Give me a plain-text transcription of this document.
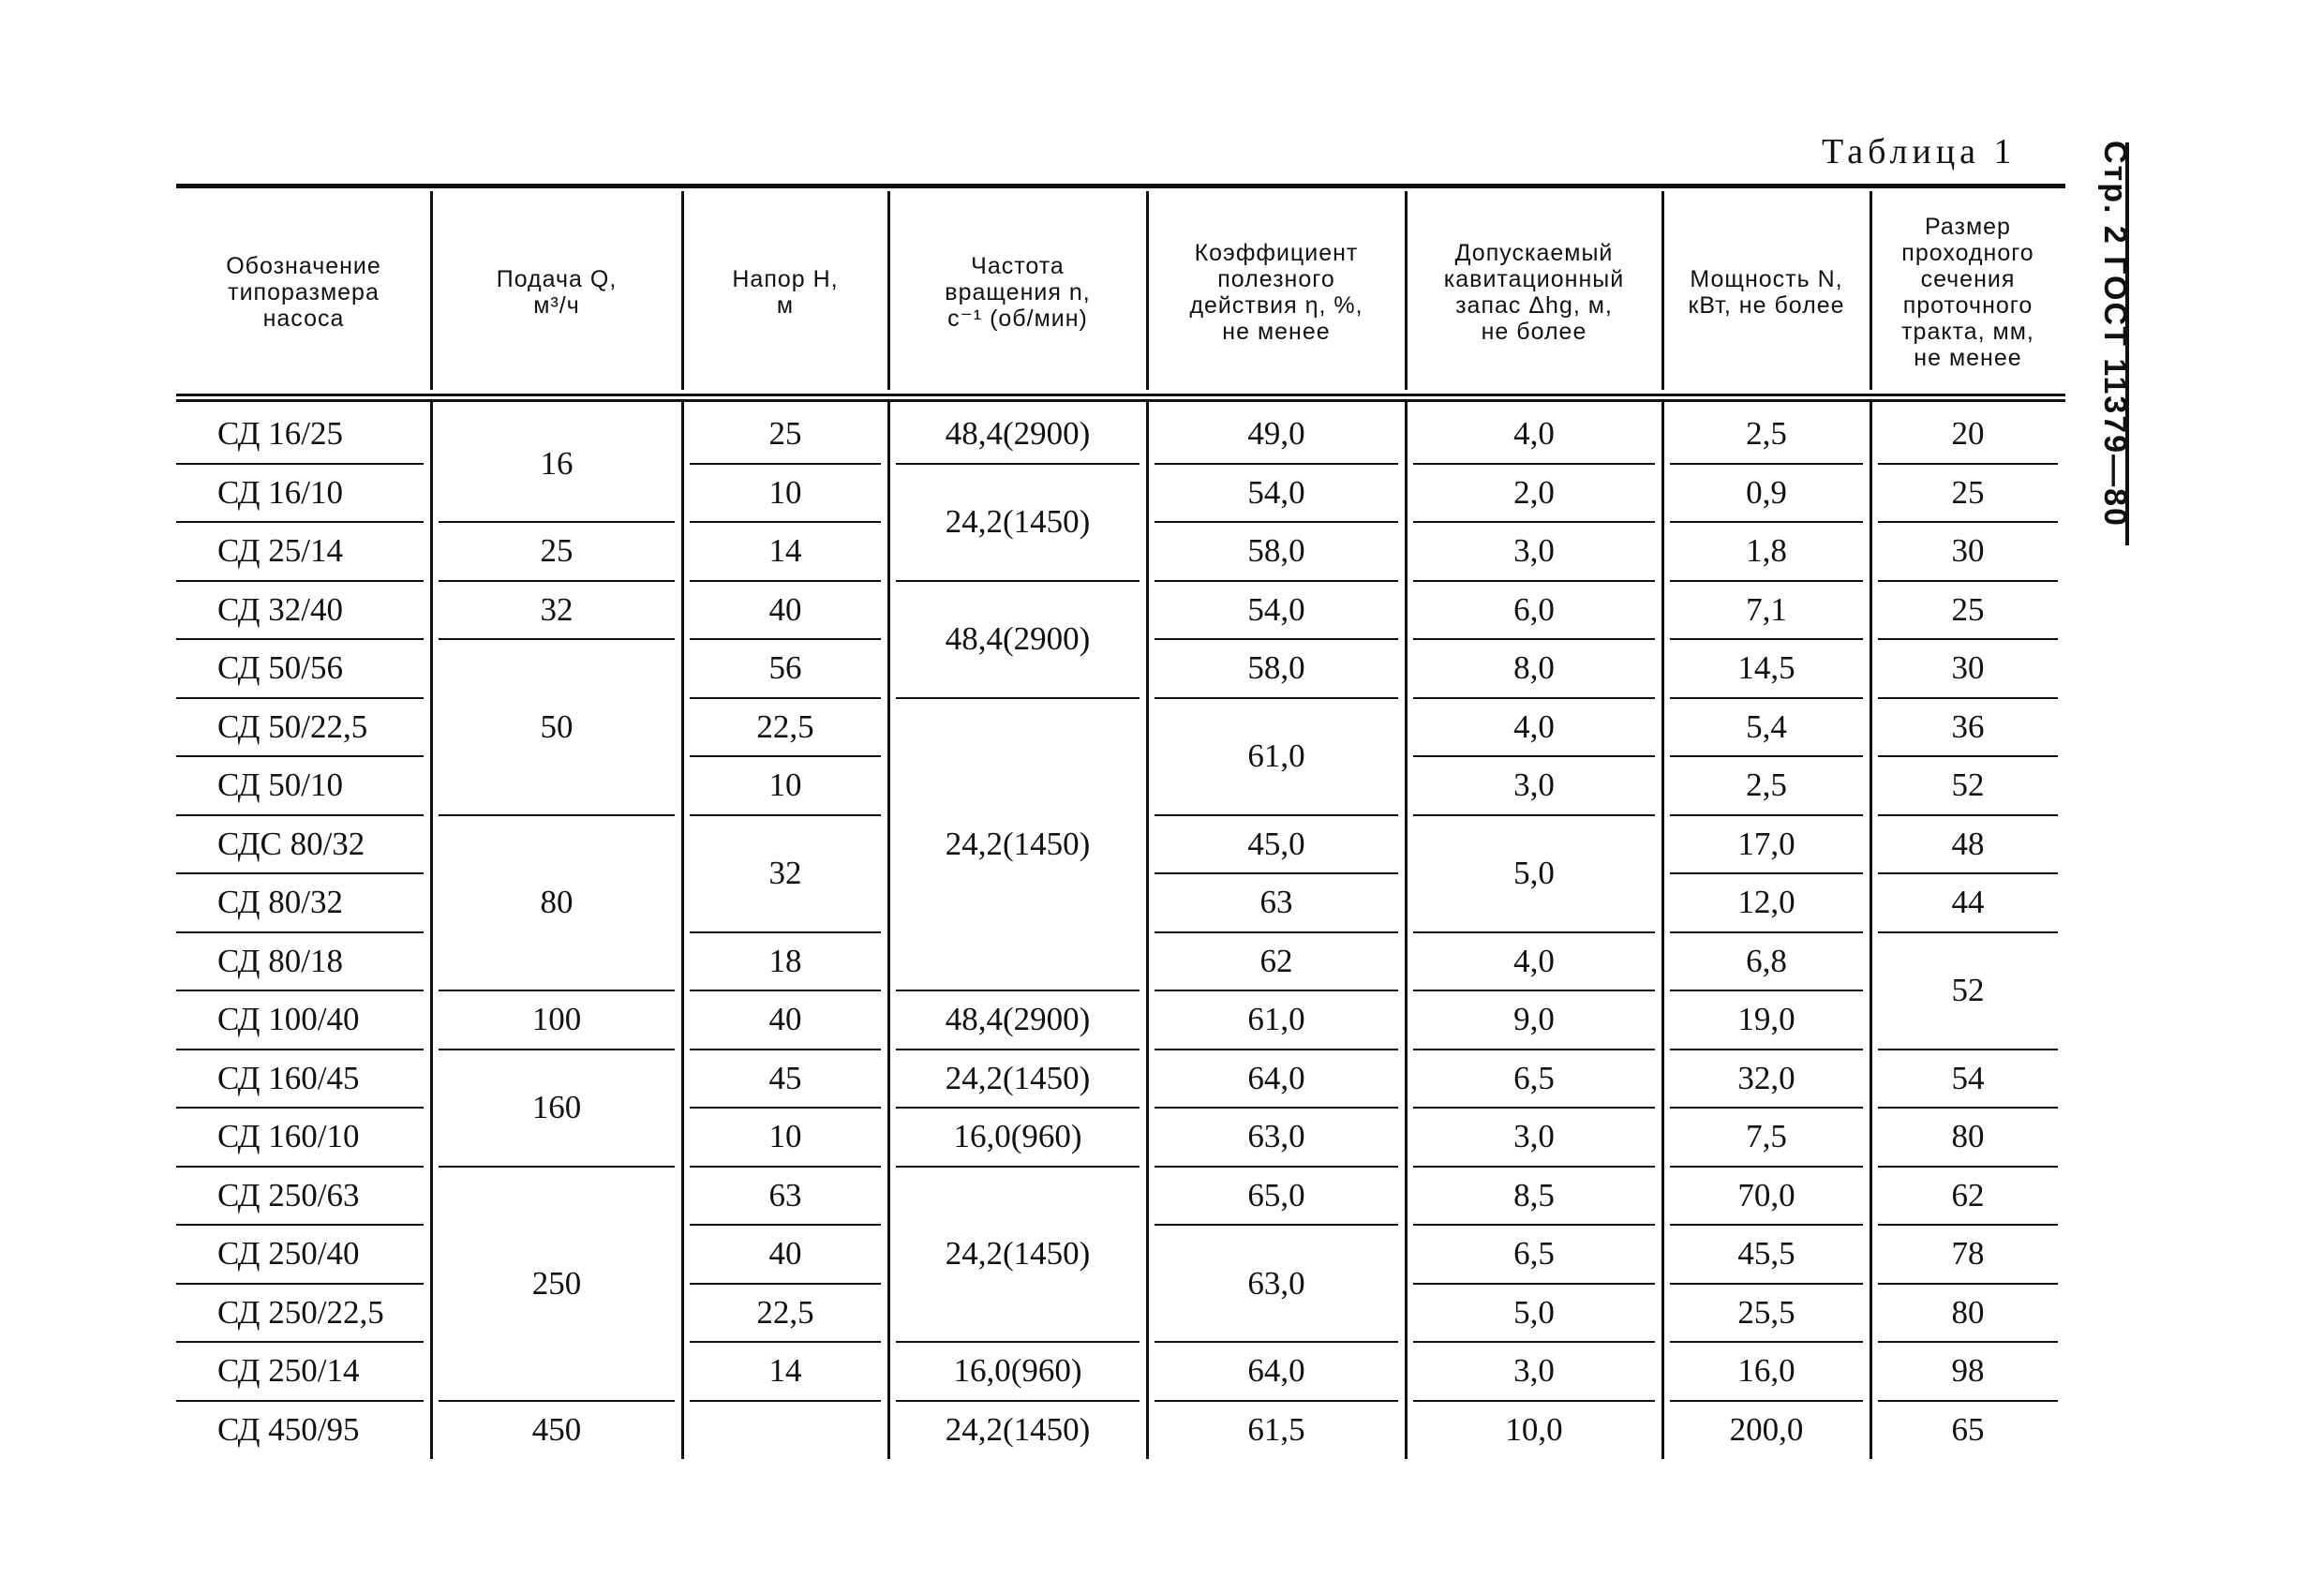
Таблица 1	Стр. 2 ГОСТ 11379—80
Обозначение
типоразмера
насоса
Подача Q,
м³/ч
Напор H,
м
Частота
вращения n,
с⁻¹ (об/мин)
Коэффициент
полезного
действия η, %,
не менее
Допускаемый
кавитационный
запас Δhg, м,
не более
Мощность N,
кВт, не более
Размер
проходного
сечения
проточного
тракта, мм,
не менее
СД 16/25
СД 16/10
СД 25/14
СД 32/40
СД 50/56
СД 50/22,5
СД 50/10
СДС 80/32
СД 80/32
СД 80/18
СД 100/40
СД 160/45
СД 160/10
СД 250/63
СД 250/40
СД 250/22,5
СД 250/14
СД 450/95
16
25
32
50
80
100
160
250
450
25
10
14
40
56
22,5
10
32
18
40
45
10
63
40
22,5
14
48,4(2900)
24,2(1450)
48,4(2900)
24,2(1450)
48,4(2900)
24,2(1450)
16,0(960)
24,2(1450)
16,0(960)
24,2(1450)
49,0
54,0
58,0
54,0
58,0
61,0
45,0
63
62
61,0
64,0
63,0
65,0
63,0
64,0
61,5
4,0
2,0
3,0
6,0
8,0
4,0
3,0
5,0
4,0
9,0
6,5
3,0
8,5
6,5
5,0
3,0
10,0
2,5
0,9
1,8
7,1
14,5
5,4
2,5
17,0
12,0
6,8
19,0
32,0
7,5
70,0
45,5
25,5
16,0
200,0
20
25
30
25
30
36
52
48
44
52
54
80
62
78
80
98
65
